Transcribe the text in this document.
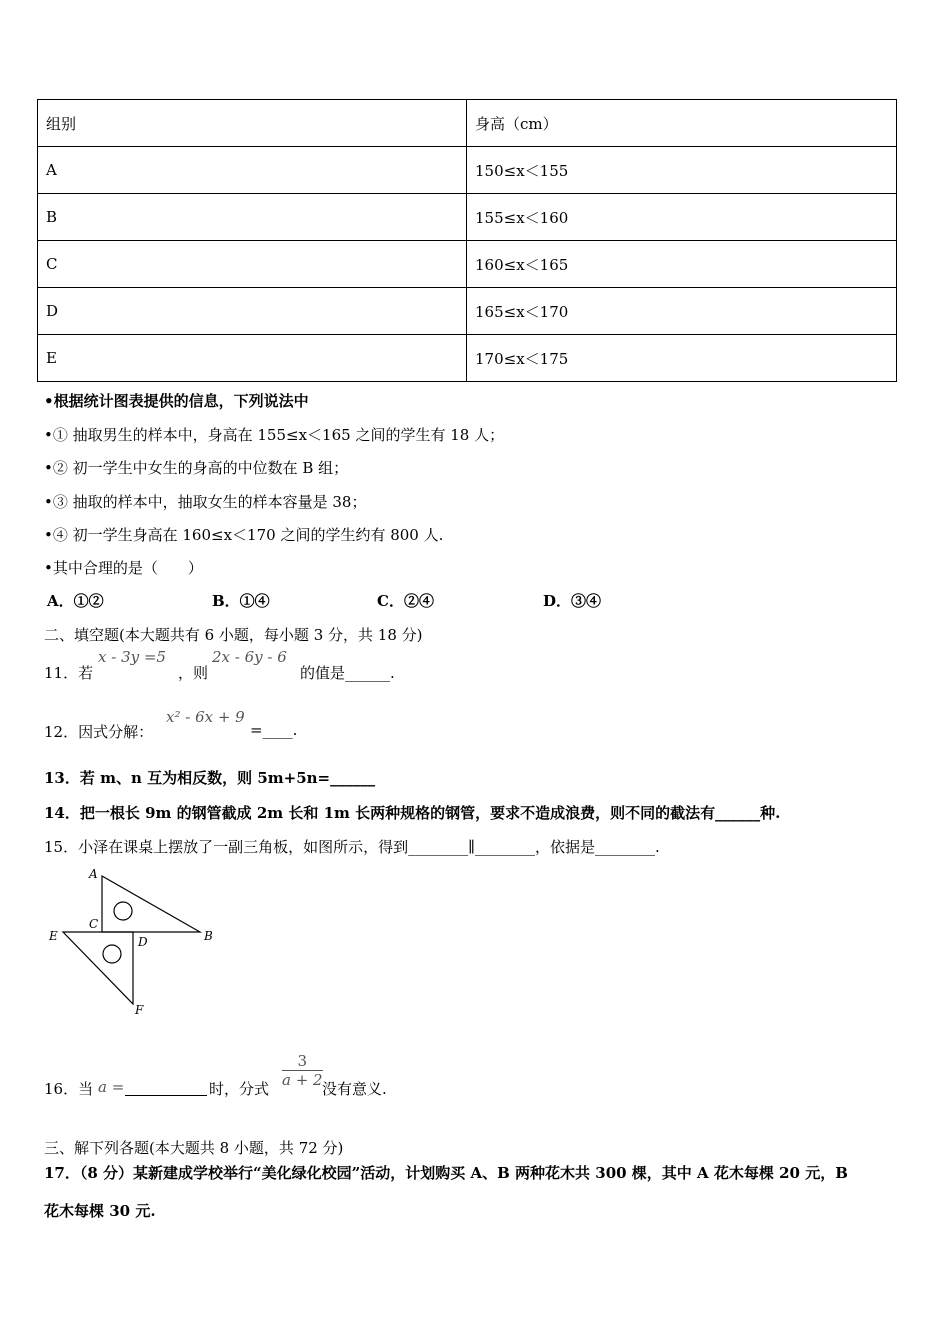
组别	身高（cm）
A	150≤x＜155
B	155≤x＜160
C	160≤x＜165
D	165≤x＜170
E	170≤x＜175
•根据统计图表提供的信息，下列说法中
•① 抽取男生的样本中，身高在 155≤x＜165 之间的学生有 18 人；
•② 初一学生中女生的身高的中位数在 B 组；
•③ 抽取的样本中，抽取女生的样本容量是 38；
•④ 初一学生身高在 160≤x＜170 之间的学生约有 800 人.
•其中合理的是（　　）
A．①②	B．①④	C．②④	D．③④
二、填空题(本大题共有 6 小题，每小题 3 分，共 18 分)
11．若
x - 3y =5
，则
2x - 6y - 6
的值是______.
12．因式分解：
x² - 6x + 9
=____.
13．若 m、n 互为相反数，则 5m+5n=______
14．把一根长 9m 的钢管截成 2m 长和 1m 长两种规格的钢管，要求不造成浪费，则不同的截法有______种.
15．小泽在课桌上摆放了一副三角板，如图所示，得到________∥________，依据是________.
A
C
E	D	B
F
16．当 a =	时，分式 $\frac{3}{a + 2}$ 没有意义.
三、解下列各题(本大题共 8 小题，共 72 分)
17．（8 分）某新建成学校举行“美化绿化校园”活动，计划购买 A、B 两种花木共 300 棵，其中 A 花木每棵 20 元，B
花木每棵 30 元.
